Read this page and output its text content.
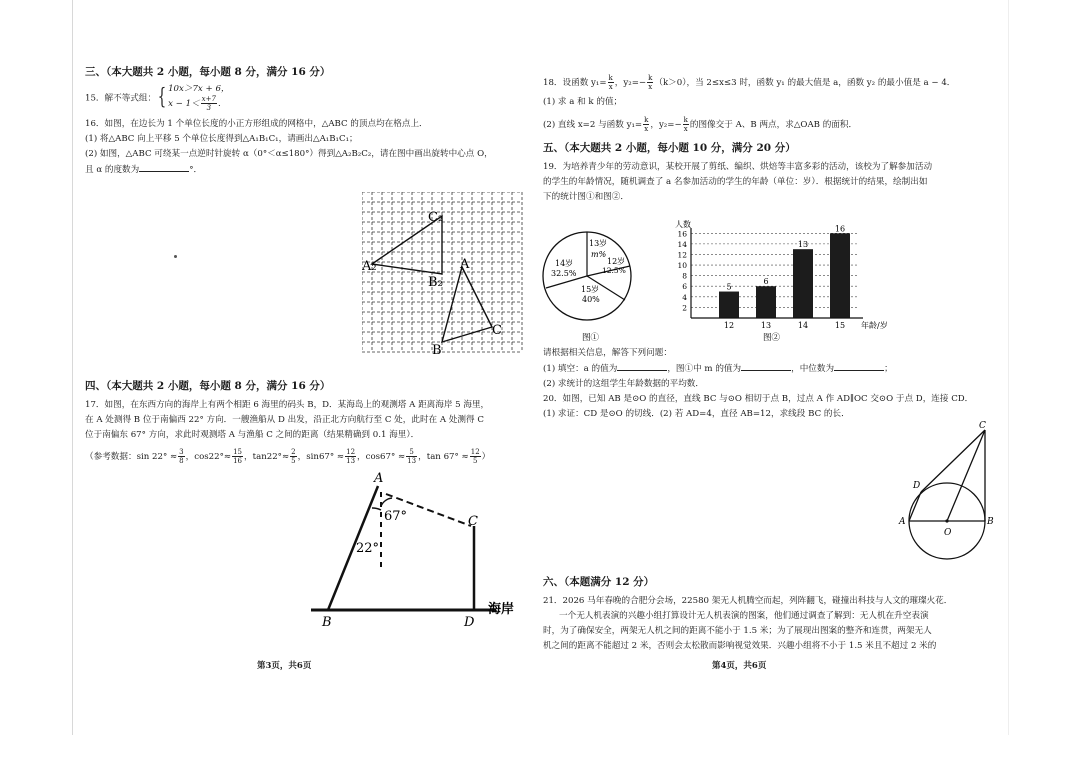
三、（本大题共 2 小题，每小题 8 分，满分 16 分）
15．解不等式组：{ 10x＞7x + 6，
$x - 1< \frac{x+7}{3}$ .
16．如图，在边长为 1 个单位长度的小正方形组成的网格中，△ABC 的顶点均在格点上．
(1) 将△ABC 向上平移 5 个单位长度得到△A₁B₁C₁，请画出△A₁B₁C₁；
(2) 如图，△ABC 可绕某一点逆时针旋转 α（0°＜α≤180°）得到△A₂B₂C₂，请在图中画出旋转中心点 O，
且 α 的度数为	°．
C₂
A₂
B₂
A
C
B
四、（本大题共 2 小题，每小题 8 分，满分 16 分）
17．如图，在东西方向的海岸上有两个相距 6 海里的码头 B，D．某海岛上的观测塔 A 距离海岸 5 海里，
在 A 处测得 B 位于南偏西 22° 方向．一艘渔船从 D 出发，沿正北方向航行至 C 处，此时在 A 处测得 C
位于南偏东 67° 方向，求此时观测塔 A 与渔船 C 之间的距离（结果精确到 0.1 海里）．
（参考数据：$\sin 22^\circ \approx \frac{3}{8}$ ，$\cos 22^\circ\approx \frac{15}{16}$ ，$\tan 22^\circ\approx \frac{2}{5}$ ，$\sin 67^\circ \approx \frac{12}{13}$ ，$\cos 67^\circ \approx \frac{5}{13}$ ，$\tan 67^\circ \approx \frac{12}{5}$ ）
A
67°
22°
C
B	D
海岸
第3页，共6页
18．设函数 $y_1= \frac{k}{x}$ ，$y_2=- \frac{k}{x} (k>0)$，当 2≤x≤3 时，函数 y₁ 的最大值是 a，函数 y₂ 的最小值是 a − 4．
(1) 求 a 和 k 的值；
(2) 直线 x=2 与函数 $y_1= \frac{k}{x}$ ，$y_2=- \frac{k}{x}$ 的图像交于 A、B 两点，求△OAB 的面积．
五、（本大题共 2 小题，每小题 10 分，满分 20 分）
19．为培养青少年的劳动意识，某校开展了剪纸、编织、烘焙等丰富多彩的活动，该校为了解参加活动
的学生的年龄情况，随机调查了 a 名参加活动的学生的年龄（单位：岁）．根据统计的结果，绘制出如
下的统计图①和图②．
14岁
32.5%
13岁
m%
12岁
12.5%
15岁
40%
图①
5
6
13
16
2
4
6
8
10
12
14
16
12	13	14	15
人数
年龄/岁
图②
请根据相关信息，解答下列问题：
(1) 填空：a 的值为	，图①中 m 的值为	，中位数为	；
(2) 求统计的这组学生年龄数据的平均数．
20．如图，已知 AB 是⊙O 的直径，直线 BC 与⊙O 相切于点 B，过点 A 作 AD∥OC 交⊙O 于点 D，连接 CD．
(1) 求证：CD 是⊙O 的切线．(2) 若 AD=4，直径 AB=12，求线段 BC 的长．
C
D
A
O
B
六、（本题满分 12 分）
21．2026 马年春晚的合肥分会场，22580 架无人机腾空而起，列阵翻飞，碰撞出科技与人文的璀璨火花．
一个无人机表演的兴趣小组打算设计无人机表演的图案，他们通过调查了解到：无人机在升空表演
时，为了确保安全，两架无人机之间的距离不能小于 1.5 米；为了展现出图案的整齐和连贯，两架无人
机之间的距离不能超过 2 米，否则会太松散而影响视觉效果．兴趣小组将不小于 1.5 米且不超过 2 米的
第4页，共6页
